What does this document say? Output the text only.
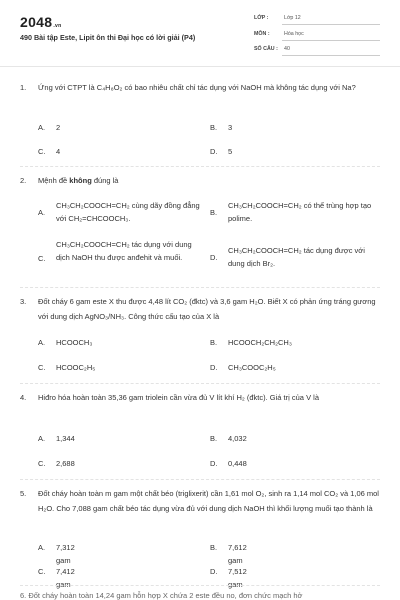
2048.vn
490 Bài tập Este, Lipit ôn thi Đại học có lời giải (P4)
LỚP :	Lớp 12
MÔN :	Hóa học
SỐ CÂU : 40
1.	Ứng với CTPT là C₄H₈O₂ có bao nhiêu chất chỉ tác dụng với NaOH mà không tác dụng với Na?
A. 2	B. 3
C. 4	D. 5
2.	Mệnh đề không đúng là
A.
CH₃CH₂COOCH=CH₂ cùng dãy đồng đẳng với CH₂=CHCOOCH₃.
B.
CH₃CH₂COOCH=CH₂ có thể trùng hợp tạo polime.
C.
CH₃CH₂COOCH=CH₂ tác dụng với dung dịch NaOH thu được anđehit và muối.	D.
CH₃CH₂COOCH=CH₂ tác dụng được với dung dịch Br₂.
3.	Đốt cháy 6 gam este X thu được 4,48 lít CO₂ (đktc) và 3,6 gam H₂O. Biết X có phản ứng tráng gương với dung dịch AgNO₃/NH₃. Công thức cấu tạo của X là
A. HCOOCH₃	B. HCOOCH₂CH₂CH₃
C. HCOOC₂H₅	D. CH₃COOC₂H₅
4.	Hiđro hóa hoàn toàn 35,36 gam triolein cần vừa đủ V lít khí H₂ (đktc). Giá trị của V là
A. 1,344	B. 4,032
C. 2,688	D. 0,448
5.	Đốt cháy hoàn toàn m gam một chất béo (triglixerit) cần 1,61 mol O₂, sinh ra 1,14 mol CO₂ và 1,06 mol H₂O. Cho 7,088 gam chất béo tác dụng vừa đủ với dung dịch NaOH thì khối lượng muối tạo thành là
A. 7,312 gam
B. 7,612 gam
C. 7,412 gam
D. 7,512 gam
6. Đốt cháy hoàn toàn 14,24 gam hỗn hợp X chứa 2 este đều no, đơn chức mạch hở
